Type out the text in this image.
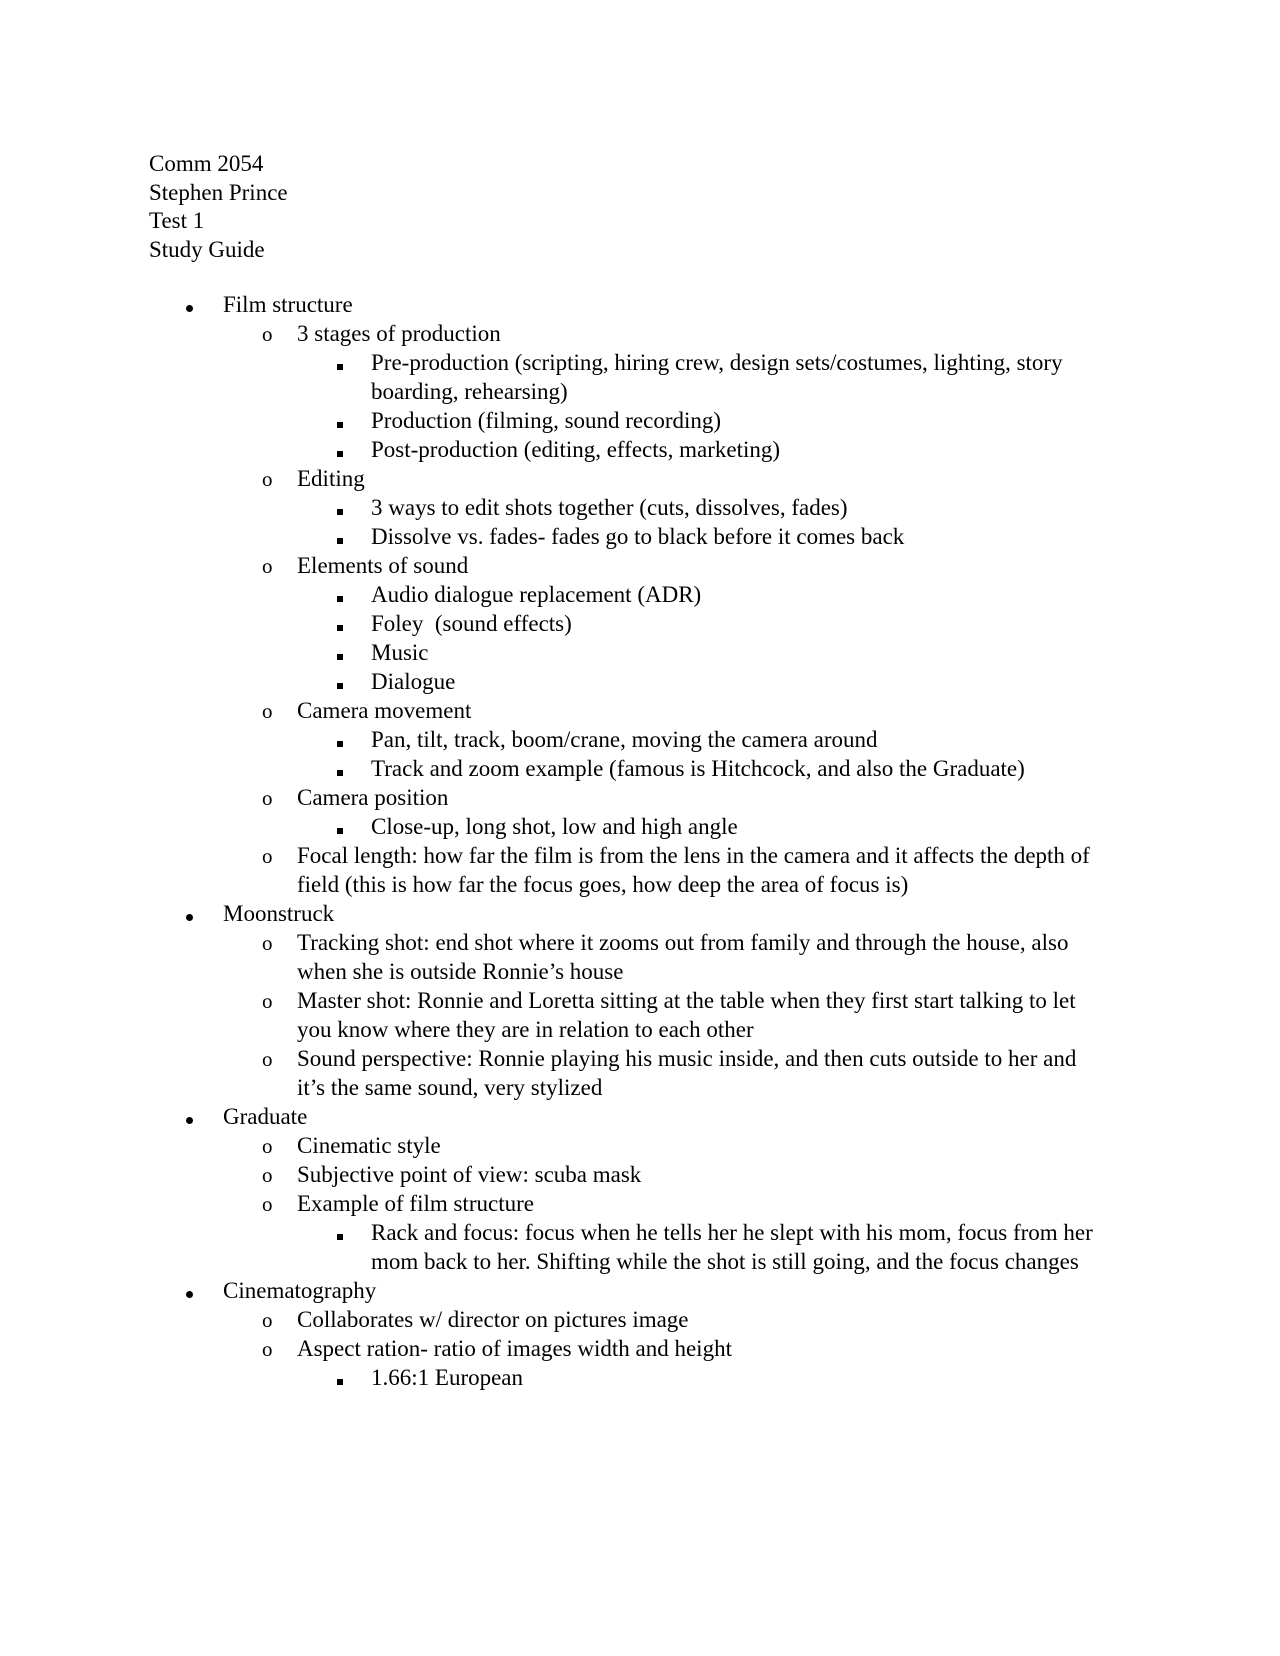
Comm 2054
Stephen Prince
Test 1
Study Guide
Film structure
o 3 stages of production
Pre-production (scripting, hiring crew, design sets/costumes, lighting, story boarding, rehearsing)
Production (filming, sound recording)
Post-production (editing, effects, marketing)
o Editing
3 ways to edit shots together (cuts, dissolves, fades)
Dissolve vs. fades- fades go to black before it comes back
o Elements of sound
Audio dialogue replacement (ADR)
Foley  (sound effects)
Music
Dialogue
o Camera movement
Pan, tilt, track, boom/crane, moving the camera around
Track and zoom example (famous is Hitchcock, and also the Graduate)
o Camera position
Close-up, long shot, low and high angle
o Focal length: how far the film is from the lens in the camera and it affects the depth of field (this is how far the focus goes, how deep the area of focus is)
Moonstruck
o Tracking shot: end shot where it zooms out from family and through the house, also when she is outside Ronnie’s house
o Master shot: Ronnie and Loretta sitting at the table when they first start talking to let you know where they are in relation to each other
o Sound perspective: Ronnie playing his music inside, and then cuts outside to her and it’s the same sound, very stylized
Graduate
o Cinematic style
o Subjective point of view: scuba mask
o Example of film structure
Rack and focus: focus when he tells her he slept with his mom, focus from her mom back to her. Shifting while the shot is still going, and the focus changes
Cinematography
o Collaborates w/ director on pictures image
o Aspect ration- ratio of images width and height
1.66:1 European
